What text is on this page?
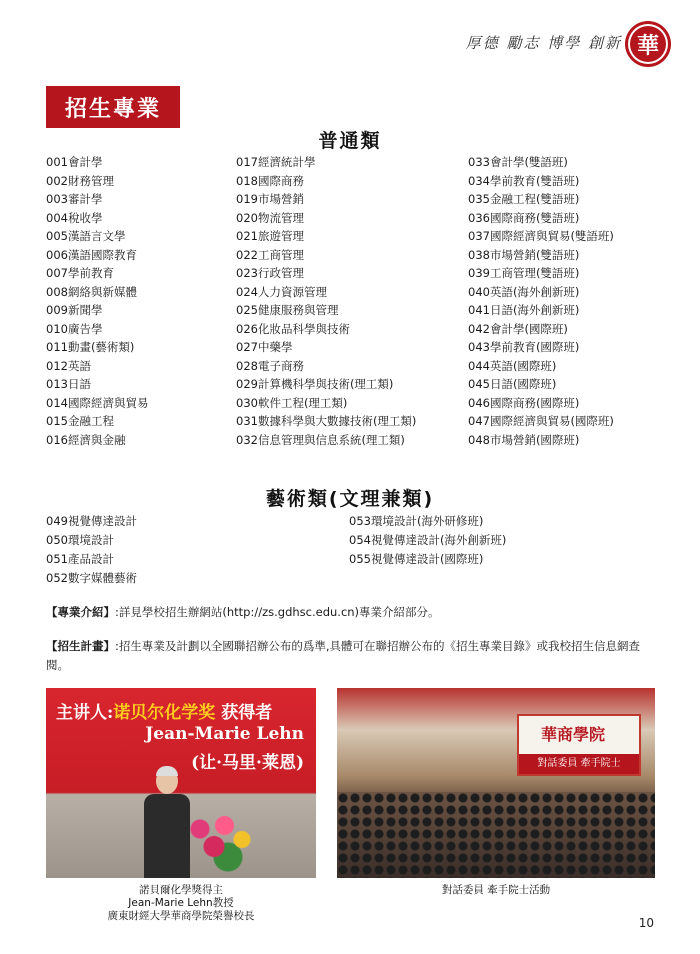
厚德 勵志 博學 創新 華
招生專業
普通類
001會計學
002財務管理
003審計學
004稅收學
005漢語言文學
006漢語國際教育
007學前教育
008網絡與新媒體
009新聞學
010廣告學
011動畫(藝術類)
012英語
013日語
014國際經濟與貿易
015金融工程
016經濟與金融
017經濟統計學
018國際商務
019市場營銷
020物流管理
021旅遊管理
022工商管理
023行政管理
024人力資源管理
025健康服務與管理
026化妝品科學與技術
027中藥學
028電子商務
029計算機科學與技術(理工類)
030軟件工程(理工類)
031數據科學與大數據技術(理工類)
032信息管理與信息系統(理工類)
033會計學(雙語班)
034學前教育(雙語班)
035金融工程(雙語班)
036國際商務(雙語班)
037國際經濟與貿易(雙語班)
038市場營銷(雙語班)
039工商管理(雙語班)
040英語(海外創新班)
041日語(海外創新班)
042會計學(國際班)
043學前教育(國際班)
044英語(國際班)
045日語(國際班)
046國際商務(國際班)
047國際經濟與貿易(國際班)
048市場營銷(國際班)
藝術類(文理兼類)
049視覺傳達設計
050環境設計
051產品設計
052數字媒體藝術
053環境設計(海外研修班)
054視覺傳達設計(海外創新班)
055視覺傳達設計(國際班)
【專業介紹】:詳見學校招生辦網站(http://zs.gdhsc.edu.cn)專業介紹部分。
【招生計畫】:招生專業及計劃以全國聯招辦公布的爲準,具體可在聯招辦公布的《招生專業目錄》或我校招生信息網查閱。
主讲人:诺贝尔化学奖 获得者
Jean-Marie Lehn
(让·马里·莱恩)
華商學院
對話委員 牽手院士
諾貝爾化學獎得主
Jean-Marie Lehn教授
廣東財經大學華商學院榮譽校長
對話委員 牽手院士活動
10
